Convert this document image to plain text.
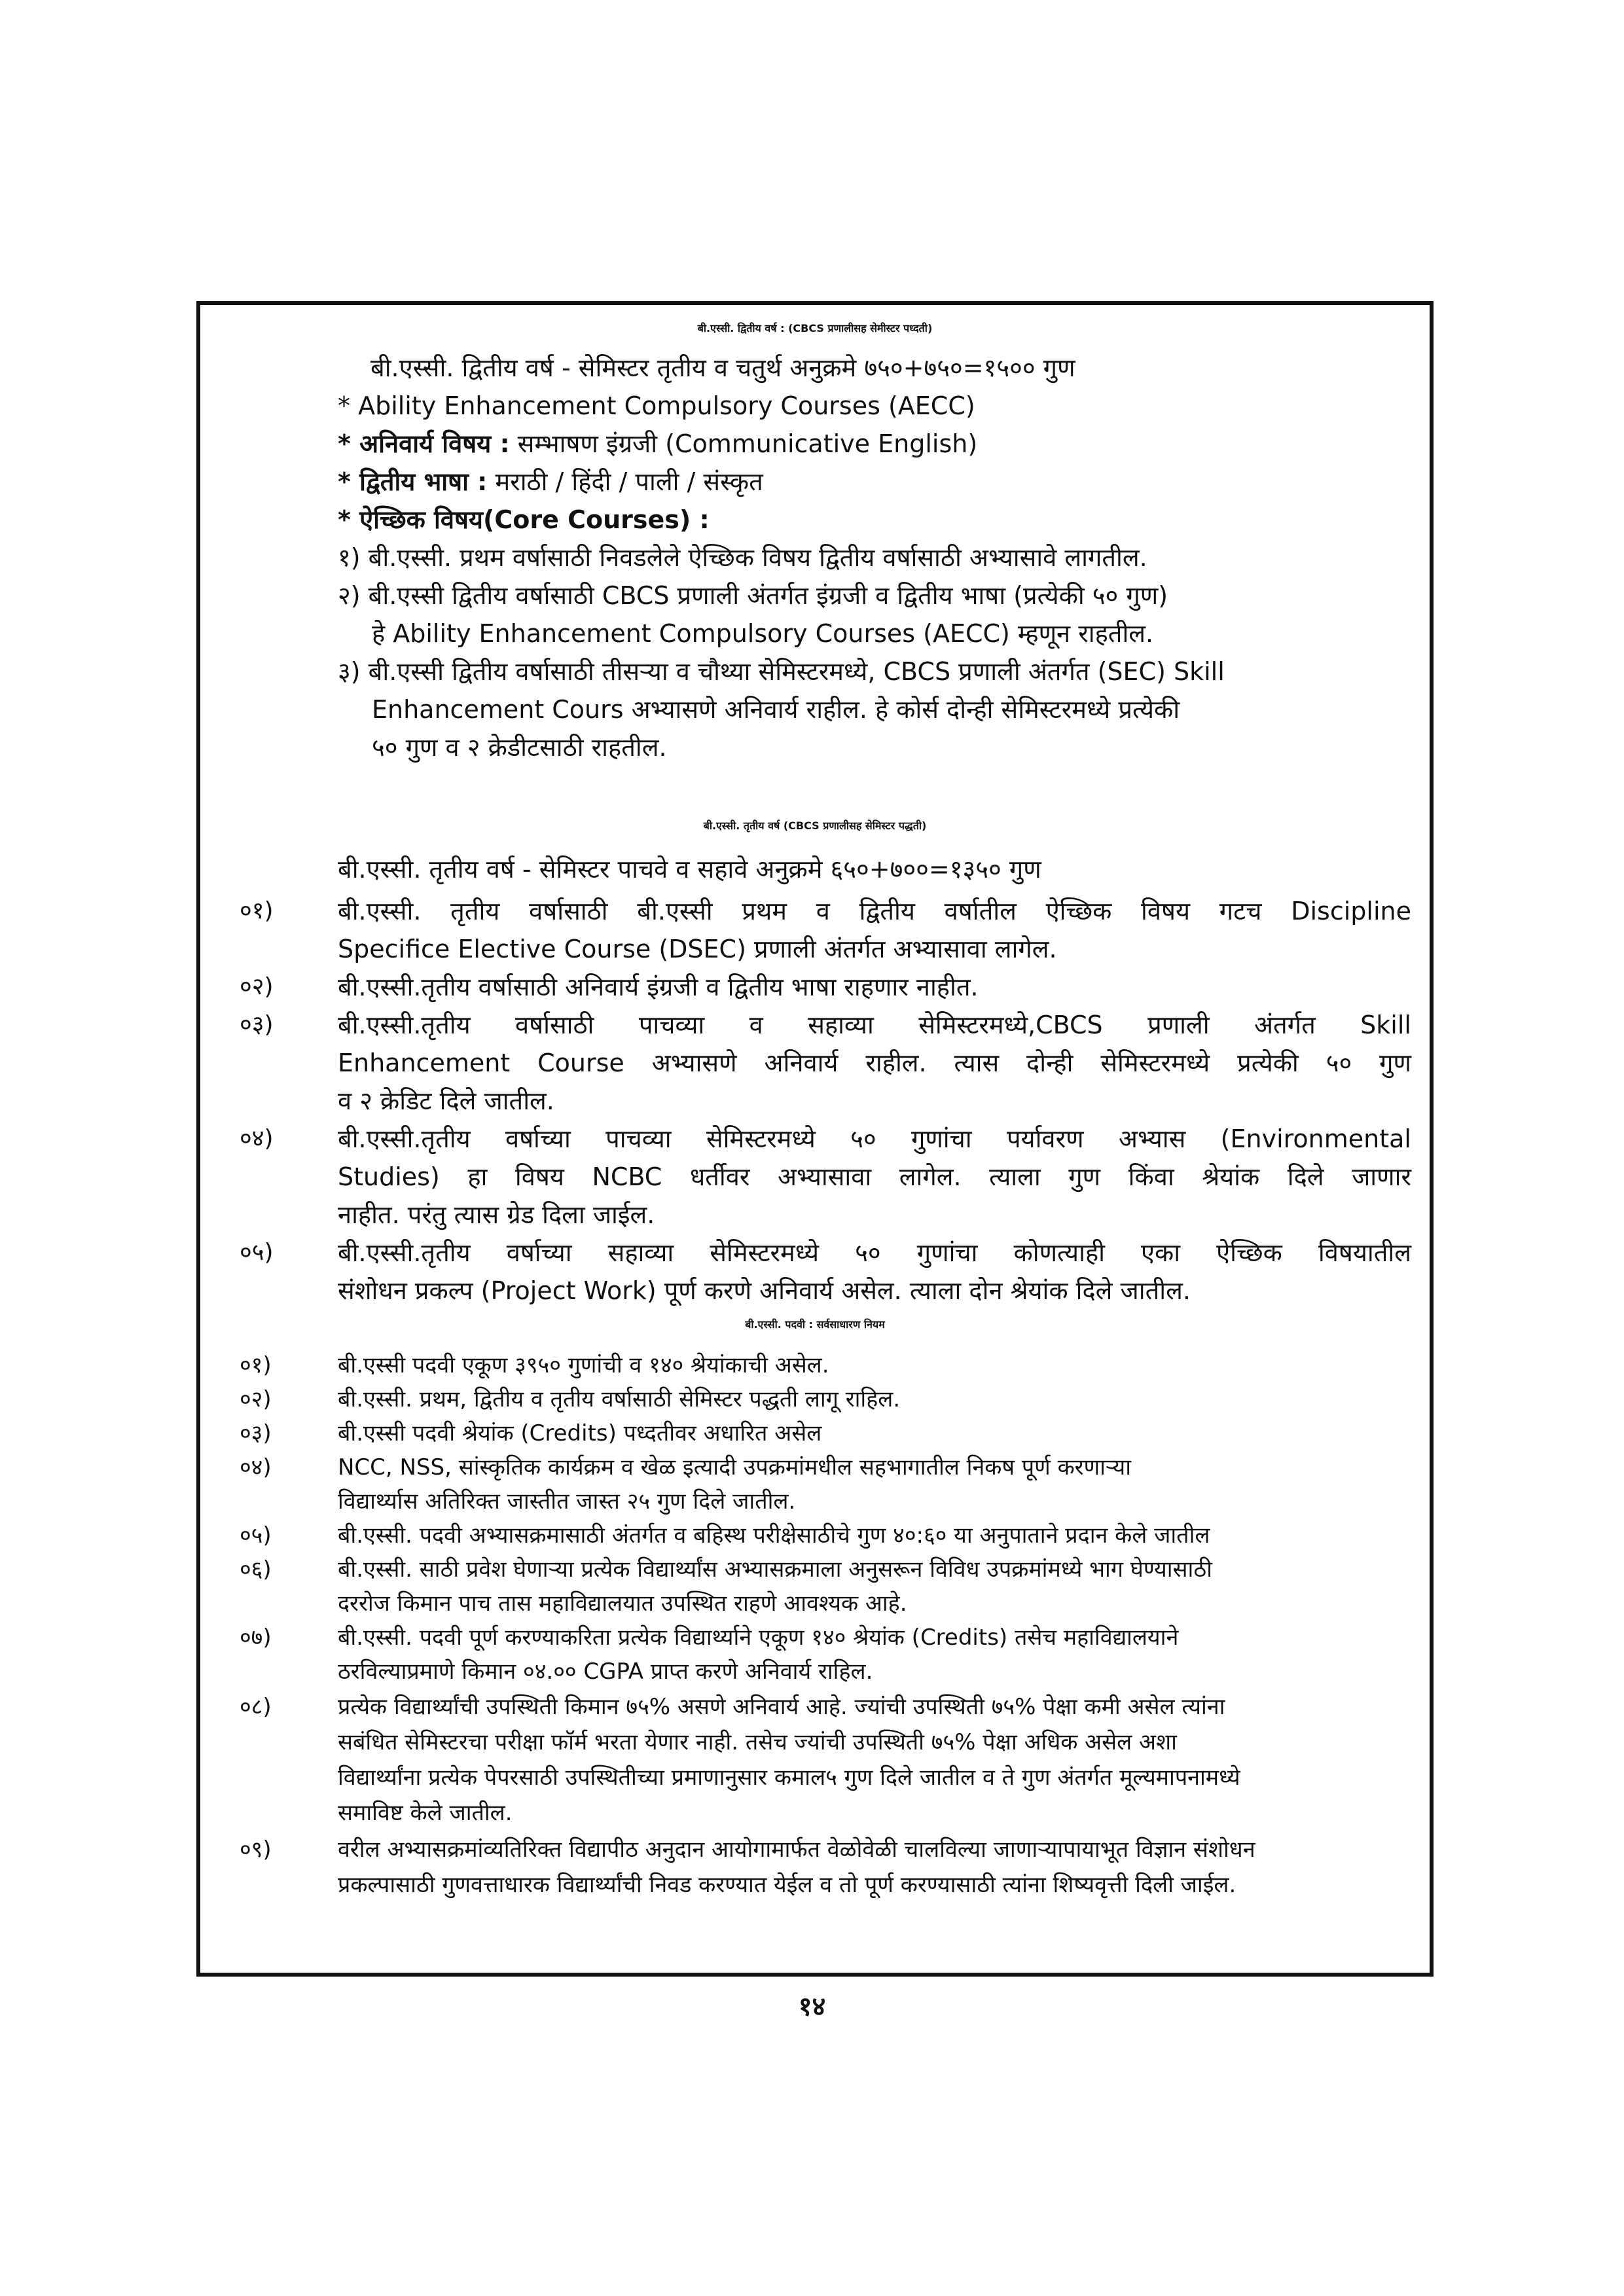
बी.एस्सी. द्वितीय वर्ष : (CBCS प्रणालीसह सेमीस्टर पध्दती)
बी.एस्सी. द्वितीय वर्ष - सेमिस्टर तृतीय व चतुर्थ अनुक्रमे ७५०+७५०=१५०० गुण
* Ability Enhancement Compulsory Courses (AECC)
* अनिवार्य विषय : सम्भाषण इंग्रजी (Communicative English)
* द्वितीय भाषा : मराठी / हिंदी / पाली / संस्कृत
* ऐच्छिक विषय(Core Courses) :
१) बी.एस्सी. प्रथम वर्षासाठी निवडलेले ऐच्छिक विषय द्वितीय वर्षासाठी अभ्यासावे लागतील.
२) बी.एस्सी द्वितीय वर्षासाठी CBCS प्रणाली अंतर्गत इंग्रजी व द्वितीय भाषा (प्रत्येकी ५० गुण)
हे Ability Enhancement Compulsory Courses (AECC) म्हणून राहतील.
३) बी.एस्सी द्वितीय वर्षासाठी तीसऱ्या व चौथ्या सेमिस्टरमध्ये, CBCS प्रणाली अंतर्गत (SEC) Skill
Enhancement Cours अभ्यासणे अनिवार्य राहील. हे कोर्स दोन्ही सेमिस्टरमध्ये प्रत्येकी
५० गुण व २ क्रेडीटसाठी राहतील.
बी.एस्सी. तृतीय वर्ष (CBCS प्रणालीसह सेमिस्टर पद्धती)
बी.एस्सी. तृतीय वर्ष - सेमिस्टर पाचवे व सहावे अनुक्रमे ६५०+७००=१३५० गुण
०१)	बी.एस्सी. तृतीय वर्षासाठी बी.एस्सी प्रथम व द्वितीय वर्षातील ऐच्छिक विषय गटच Discipline
Specifice Elective Course (DSEC) प्रणाली अंतर्गत अभ्यासावा लागेल.
०२)	बी.एस्सी.तृतीय वर्षासाठी अनिवार्य इंग्रजी व द्वितीय भाषा राहणार नाहीत.
०३)	बी.एस्सी.तृतीय वर्षासाठी पाचव्या व सहाव्या सेमिस्टरमध्ये,CBCS प्रणाली अंतर्गत Skill
Enhancement Course अभ्यासणे अनिवार्य राहील. त्यास दोन्ही सेमिस्टरमध्ये प्रत्येकी ५० गुण
व २ क्रेडिट दिले जातील.
०४)	बी.एस्सी.तृतीय वर्षाच्या पाचव्या सेमिस्टरमध्ये ५० गुणांचा पर्यावरण अभ्यास (Environmental
Studies) हा विषय NCBC धर्तीवर अभ्यासावा लागेल. त्याला गुण किंवा श्रेयांक दिले जाणार
नाहीत. परंतु त्यास ग्रेड दिला जाईल.
०५)	बी.एस्सी.तृतीय वर्षाच्या सहाव्या सेमिस्टरमध्ये ५० गुणांचा कोणत्याही एका ऐच्छिक विषयातील
संशोधन प्रकल्प (Project Work) पूर्ण करणे अनिवार्य असेल. त्याला दोन श्रेयांक दिले जातील.
बी.एस्सी. पदवी : सर्वसाधारण नियम
०१)	बी.एस्सी पदवी एकूण ३९५० गुणांची व १४० श्रेयांकाची असेल.
०२)	बी.एस्सी. प्रथम, द्वितीय व तृतीय वर्षासाठी सेमिस्टर पद्धती लागू राहिल.
०३)	बी.एस्सी पदवी श्रेयांक (Credits) पध्दतीवर अधारित असेल
०४)	NCC, NSS, सांस्कृतिक कार्यक्रम व खेळ इत्यादी उपक्रमांमधील सहभागातील निकष पूर्ण करणाऱ्या
विद्यार्थ्यास अतिरिक्त जास्तीत जास्त २५ गुण दिले जातील.
०५)	बी.एस्सी. पदवी अभ्यासक्रमासाठी अंतर्गत व बहिस्थ परीक्षेसाठीचे गुण ४०:६० या अनुपाताने प्रदान केले जातील
०६)	बी.एस्सी. साठी प्रवेश घेणाऱ्या प्रत्येक विद्यार्थ्यांस अभ्यासक्रमाला अनुसरून विविध उपक्रमांमध्ये भाग घेण्यासाठी
दररोज किमान पाच तास महाविद्यालयात उपस्थित राहणे आवश्यक आहे.
०७)	बी.एस्सी. पदवी पूर्ण करण्याकरिता प्रत्येक विद्यार्थ्याने एकूण १४० श्रेयांक (Credits) तसेच महाविद्यालयाने
ठरविल्याप्रमाणे किमान ०४.०० CGPA प्राप्त करणे अनिवार्य राहिल.
०८)	प्रत्येक विद्यार्थ्यांची उपस्थिती किमान ७५% असणे अनिवार्य आहे. ज्यांची उपस्थिती ७५% पेक्षा कमी असेल त्यांना
सबंधित सेमिस्टरचा परीक्षा फॉर्म भरता येणार नाही. तसेच ज्यांची उपस्थिती ७५% पेक्षा अधिक असेल अशा
विद्यार्थ्यांना प्रत्येक पेपरसाठी उपस्थितीच्या प्रमाणानुसार कमाल५ गुण दिले जातील व ते गुण अंतर्गत मूल्यमापनामध्ये
समाविष्ट केले जातील.
०९)	वरील अभ्यासक्रमांव्यतिरिक्त विद्यापीठ अनुदान आयोगामार्फत वेळोवेळी चालविल्या जाणाऱ्यापायाभूत विज्ञान संशोधन
प्रकल्पासाठी गुणवत्ताधारक विद्यार्थ्यांची निवड करण्यात येईल व तो पूर्ण करण्यासाठी त्यांना शिष्यवृत्ती दिली जाईल.
१४
